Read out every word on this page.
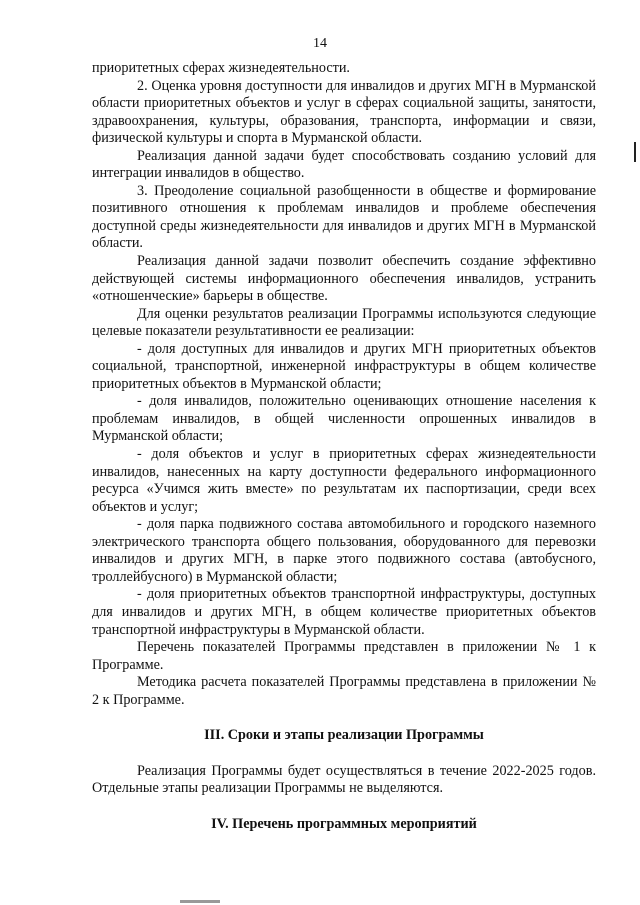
14

приоритетных сферах жизнедеятельности.

2. Оценка уровня доступности для инвалидов и других МГН в Мурманской области приоритетных объектов и услуг в сферах социальной защиты, занятости, здравоохранения, культуры, образования, транспорта, информации и связи, физической культуры и спорта в Мурманской области.

Реализация данной задачи будет способствовать созданию условий для интеграции инвалидов в общество.

3. Преодоление социальной разобщенности в обществе и формирование позитивного отношения к проблемам инвалидов и проблеме обеспечения доступной среды жизнедеятельности для инвалидов и других МГН в Мурманской области.

Реализация данной задачи позволит обеспечить создание эффективно действующей системы информационного обеспечения инвалидов, устранить «отношенческие» барьеры в обществе.

Для оценки результатов реализации Программы используются следующие целевые показатели результативности ее реализации:

- доля доступных для инвалидов и других МГН приоритетных объектов социальной, транспортной, инженерной инфраструктуры в общем количестве приоритетных объектов в Мурманской области;

- доля инвалидов, положительно оценивающих отношение населения к проблемам инвалидов, в общей численности опрошенных инвалидов в Мурманской области;

- доля объектов и услуг в приоритетных сферах жизнедеятельности инвалидов, нанесенных на карту доступности федерального информационного ресурса «Учимся жить вместе» по результатам их паспортизации, среди всех объектов и услуг;

- доля парка подвижного состава автомобильного и городского наземного электрического транспорта общего пользования, оборудованного для перевозки инвалидов и других МГН, в парке этого подвижного состава (автобусного, троллейбусного) в Мурманской области;

- доля приоритетных объектов транспортной инфраструктуры, доступных для инвалидов и других МГН, в общем количестве приоритетных объектов транспортной инфраструктуры в Мурманской области.

Перечень показателей Программы представлен в приложении № 1 к Программе.

Методика расчета показателей Программы представлена в приложении № 2 к Программе.

III. Сроки и этапы реализации Программы

Реализация Программы будет осуществляться в течение 2022-2025 годов. Отдельные этапы реализации Программы не выделяются.

IV. Перечень программных мероприятий
